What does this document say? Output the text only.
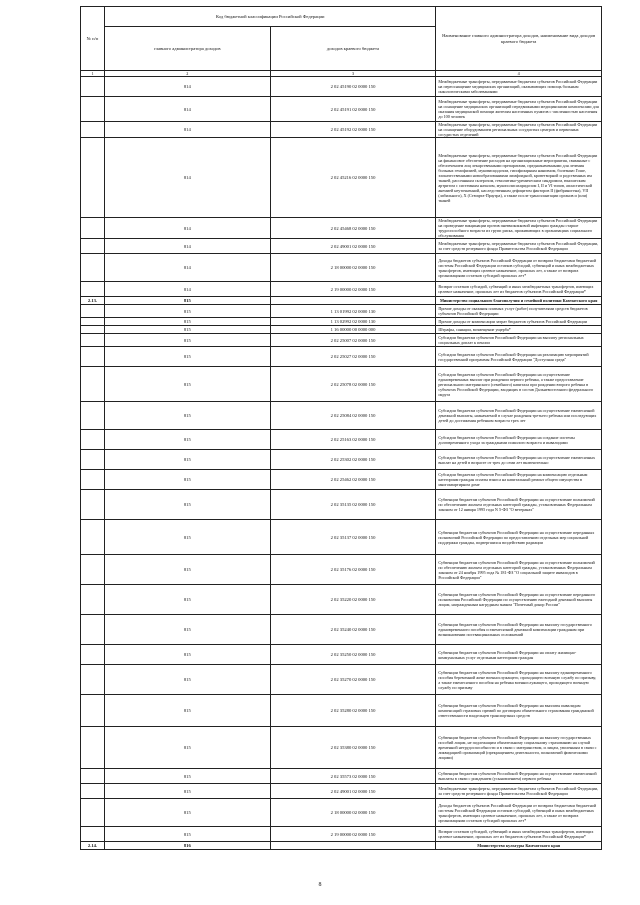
№ п/п	Код бюджетной классификации Российской Федерации		Наименование главного администратора доходов, наименование вида доходов краевого бюджета
	главного администратора доходов	доходов краевого бюджета	
1	2	3	4
	814	2 02 45190 02 0000 150	Межбюджетные трансферты, передаваемые бюджетам субъектов Российской Федерации на переоснащение медицинских организаций, оказывающих помощь больным онкологическими заболеваниями
	814	2 02 45191 02 0000 150	Межбюджетные трансферты, передаваемые бюджетам субъектов Российской Федерации на оснащение медицинских организаций передвижными медицинскими комплексами для оказания медицинской помощи жителям населенных пунктов с численностью населения до 100 человек
	814	2 02 45192 02 0000 150	Межбюджетные трансферты, передаваемые бюджетам субъектов Российской Федерации на оснащение оборудованием региональных сосудистых центров и первичных сосудистых отделений
	814	2 02 45216 02 0000 150	Межбюджетные трансферты, передаваемые бюджетам субъектов Российской Федерации на финансовое обеспечение расходов на организационные мероприятия, связанные с обеспечением лиц лекарственными препаратами, предназначенными для лечения больных гемофилией, муковисцидозом, гипофизарным нанизмом, болезнью Гоше, злокачественными новообразованиями лимфоидной, кроветворной и родственных им тканей, рассеянным склерозом, гемолитико-уремическим синдромом, юношеским артритом с системным началом, мукополисахаридозом I, II и VI типов, апластической анемией неуточненной, наследственным дефицитом факторов II (фибриногена), VII (лабильного), X (Стюарта-Прауэра), а также после трансплантации органов и (или) тканей
	814	2 02 45468 02 0000 150	Межбюджетные трансферты, передаваемые бюджетам субъектов Российской Федерации на проведение вакцинации против пневмококковой инфекции граждан старше трудоспособного возраста из групп риска, проживающих в организациях социального обслуживания
	814	2 02 49001 02 0000 150	Межбюджетные трансферты, передаваемые бюджетам субъектов Российской Федерации, за счет средств резервного фонда Правительства Российской Федерации
	814	2 18 00000 02 0000 150	Доходы бюджетов субъектов Российской Федерации от возврата бюджетами бюджетной системы Российской Федерации остатков субсидий, субвенций и иных межбюджетных трансфертов, имеющих целевое назначение, прошлых лет, а также от возврата организациями остатков субсидий прошлых лет*
	814	2 19 00000 02 0000 150	Возврат остатков субсидий, субвенций и иных межбюджетных трансфертов, имеющих целевое назначение, прошлых лет из бюджетов субъектов Российской Федерации*
2.13.	815		Министерство социального благополучия и семейной политики Камчатского края
	815	1 13 01992 02 0000 130	Прочие доходы от оказания платных услуг (работ) получателями средств бюджетов субъектов Российской Федерации
	815	1 13 02992 02 0000 130	Прочие доходы от компенсации затрат бюджетов субъектов Российской Федерации
	815	1 16 00000 00 0000 000	Штрафы, санкции, возмещение ущерба*
	815	2 02 25007 02 0000 150	Субсидии бюджетам субъектов Российской Федерации на выплату региональных социальных доплат к пенсии
	815	2 02 25027 02 0000 150	Субсидии бюджетам субъектов Российской Федерации на реализацию мероприятий государственной программы Российской Федерации "Доступная среда"
	815	2 02 25078 02 0000 150	Субсидии бюджетам субъектов Российской Федерации на осуществление единовременных выплат при рождении первого ребенка, а также предоставление регионального материнского (семейного) капитала при рождении второго ребенка в субъектах Российской Федерации, входящих в состав Дальневосточного федерального округа
	815	2 02 25084 02 0000 150	Субсидии бюджетам субъектов Российской Федерации на осуществление ежемесячной денежной выплаты, назначаемой в случае рождения третьего ребенка или последующих детей до достижения ребенком возраста трех лет
	815	2 02 25163 02 0000 150	Субсидии бюджетам субъектов Российской Федерации на создание системы долговременного ухода за гражданами пожилого возраста и инвалидами
	815	2 02 25302 02 0000 150	Субсидии бюджетам субъектов Российской Федерации на осуществление ежемесячных выплат на детей в возрасте от трех до семи лет включительно
	815	2 02 25462 02 0000 150	Субсидии бюджетам субъектов Российской Федерации на компенсацию отдельным категориям граждан оплаты взноса на капитальный ремонт общего имущества в многоквартирном доме
	815	2 02 35135 02 0000 150	Субвенции бюджетам субъектов Российской Федерации на осуществление полномочий по обеспечению жильем отдельных категорий граждан, установленных Федеральным законом от 12 января 1995 года N 5-ФЗ "О ветеранах"
	815	2 02 35137 02 0000 150	Субвенции бюджетам субъектов Российской Федерации на осуществление переданных полномочий Российской Федерации по предоставлению отдельных мер социальной поддержки граждан, подвергшихся воздействию радиации
	815	2 02 35176 02 0000 150	Субвенции бюджетам субъектов Российской Федерации на осуществление полномочий по обеспечению жильем отдельных категорий граждан, установленных Федеральным законом от 24 ноября 1995 года № 181-ФЗ "О социальной защите инвалидов в Российской Федерации"
	815	2 02 35220 02 0000 150	Субвенции бюджетам субъектов Российской Федерации на осуществление переданного полномочия Российской Федерации по осуществлению ежегодной денежной выплаты лицам, награжденным нагрудным знаком "Почетный донор России"
	815	2 02 35240 02 0000 150	Субвенции бюджетам субъектов Российской Федерации на выплату государственного единовременного пособия и ежемесячной денежной компенсации гражданам при возникновении поствакцинальных осложнений
	815	2 02 35250 02 0000 150	Субвенции бюджетам субъектов Российской Федерации на оплату жилищно-коммунальных услуг отдельным категориям граждан
	815	2 02 35270 02 0000 150	Субвенции бюджетам субъектов Российской Федерации на выплату единовременного пособия беременной жене военнослужащего, проходящего военную службу по призыву, а также ежемесячного пособия на ребенка военнослужащего, проходящего военную службу по призыву
	815	2 02 35280 02 0000 150	Субвенции бюджетам субъектов Российской Федерации на выплаты инвалидам компенсаций страховых премий по договорам обязательного страхования гражданской ответственности владельцев транспортных средств
	815	2 02 35380 02 0000 150	Субвенции бюджетам субъектов Российской Федерации на выплату государственных пособий лицам, не подлежащим обязательному социальному страхованию на случай временной нетрудоспособности и в связи с материнством, и лицам, уволенным в связи с ликвидацией организаций (прекращением деятельности, полномочий физическими лицами)
	815	2 02 35573 02 0000 150	Субвенции бюджетам субъектов Российской Федерации на осуществление ежемесячной выплаты в связи с рождением (усыновлением) первого ребенка
	815	2 02 49001 02 0000 150	Межбюджетные трансферты, передаваемые бюджетам субъектов Российской Федерации, за счет средств резервного фонда Правительства Российской Федерации
	815	2 18 00000 02 0000 150	Доходы бюджетов субъектов Российской Федерации от возврата бюджетами бюджетной системы Российской Федерации остатков субсидий, субвенций и иных межбюджетных трансфертов, имеющих целевое назначение, прошлых лет, а также от возврата организациями остатков субсидий прошлых лет*
	815	2 19 00000 02 0000 150	Возврат остатков субсидий, субвенций и иных межбюджетных трансфертов, имеющих целевое назначение, прошлых лет из бюджетов субъектов Российской Федерации*
2.14.	816		Министерство культуры Камчатского края
8
